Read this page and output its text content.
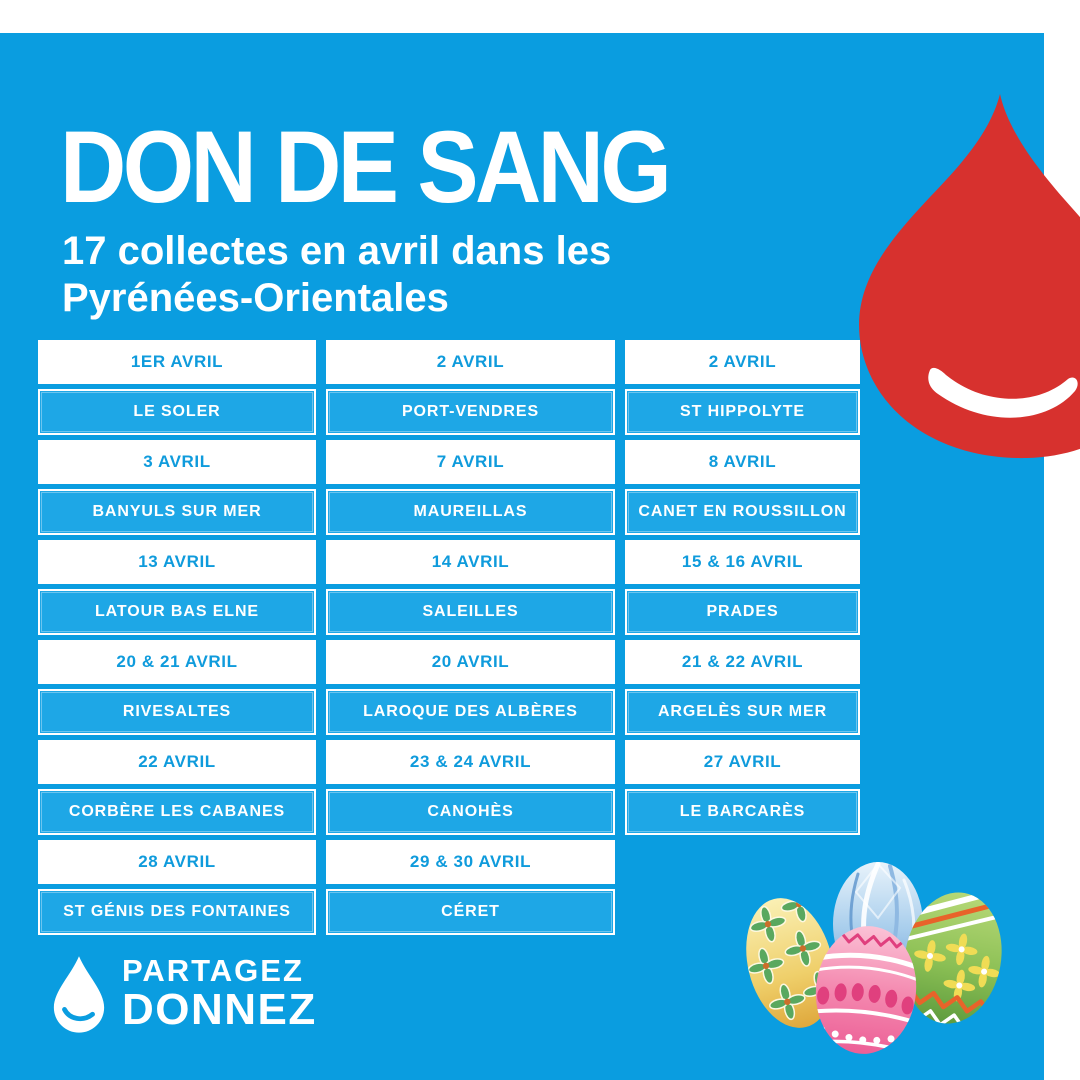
DON DE SANG

17 collectes en avril dans les
Pyrénées-Orientales

1ER AVRIL	2 AVRIL	2 AVRIL
LE SOLER	PORT-VENDRES	ST HIPPOLYTE
3 AVRIL	7 AVRIL	8 AVRIL
BANYULS SUR MER	MAUREILLAS	CANET EN ROUSSILLON
13 AVRIL	14 AVRIL	15 & 16 AVRIL
LATOUR BAS ELNE	SALEILLES	PRADES
20 & 21 AVRIL	20 AVRIL	21 & 22 AVRIL
RIVESALTES	LAROQUE DES ALBÈRES	ARGELÈS SUR MER
22 AVRIL	23 & 24 AVRIL	27 AVRIL
CORBÈRE LES CABANES	CANOHÈS	LE BARCARÈS
28 AVRIL	29 & 30 AVRIL
ST GÉNIS DES FONTAINES	CÉRET
PARTAGEZ
DONNEZ
